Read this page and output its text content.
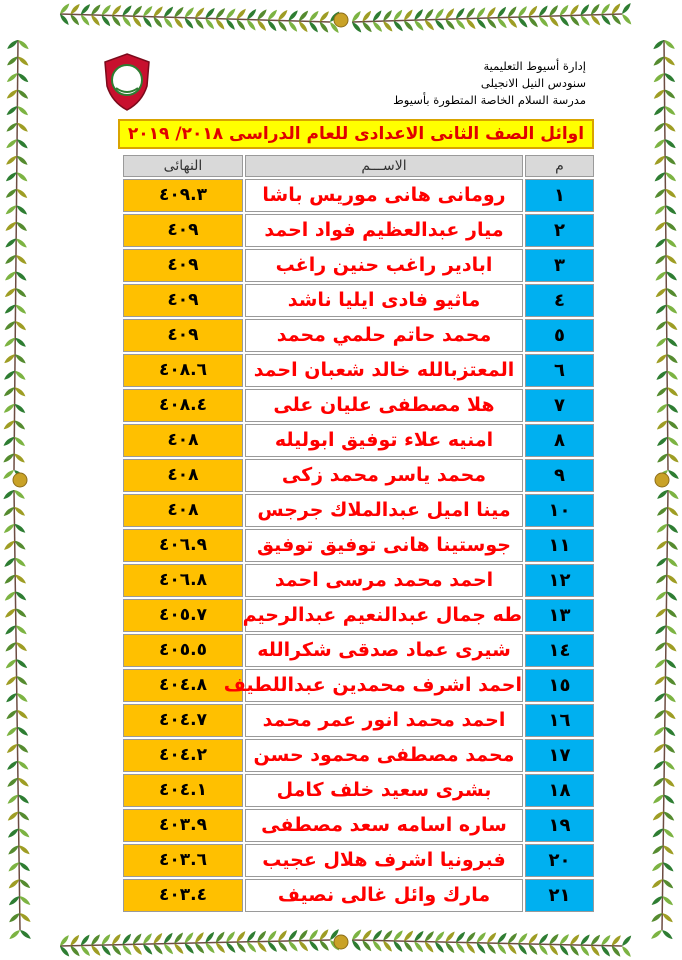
إدارة أسيوط التعليمية
سنودس النيل الانجيلى
مدرسة السلام الخاصة المتطورة بأسيوط
اوائل الصف الثانى الاعدادى للعام الدراسى ٢٠١٨/ ٢٠١٩
النهائى	الاســـم	م
٤٠٩.٣	رومانى هانى موريس باشا	١
٤٠٩	ميار عبدالعظيم فواد احمد	٢
٤٠٩	ابادير راغب حنين راغب	٣
٤٠٩	ماثيو فادى ايليا ناشد	٤
٤٠٩	محمد حاتم حلمي محمد	٥
٤٠٨.٦	المعتزبالله خالد شعبان احمد	٦
٤٠٨.٤	هلا مصطفى عليان على	٧
٤٠٨	امنيه علاء توفيق ابوليله	٨
٤٠٨	محمد ياسر محمد زكى	٩
٤٠٨	مينا اميل عبدالملاك جرجس	١٠
٤٠٦.٩	جوستينا هانى توفيق توفيق	١١
٤٠٦.٨	احمد محمد مرسى احمد	١٢
٤٠٥.٧	طه جمال عبدالنعيم عبدالرحيم	١٣
٤٠٥.٥	شيرى عماد صدقى شكرالله	١٤
٤٠٤.٨ احمد اشرف محمدين عبداللطيف	١٥
٤٠٤.٧	احمد محمد انور عمر محمد	١٦
٤٠٤.٢	محمد مصطفى محمود حسن	١٧
٤٠٤.١	بشرى سعيد خلف كامل	١٨
٤٠٣.٩	ساره اسامه سعد مصطفى	١٩
٤٠٣.٦	فبرونيا اشرف هلال عجيب	٢٠
٤٠٣.٤	مارك وائل غالى نصيف	٢١
